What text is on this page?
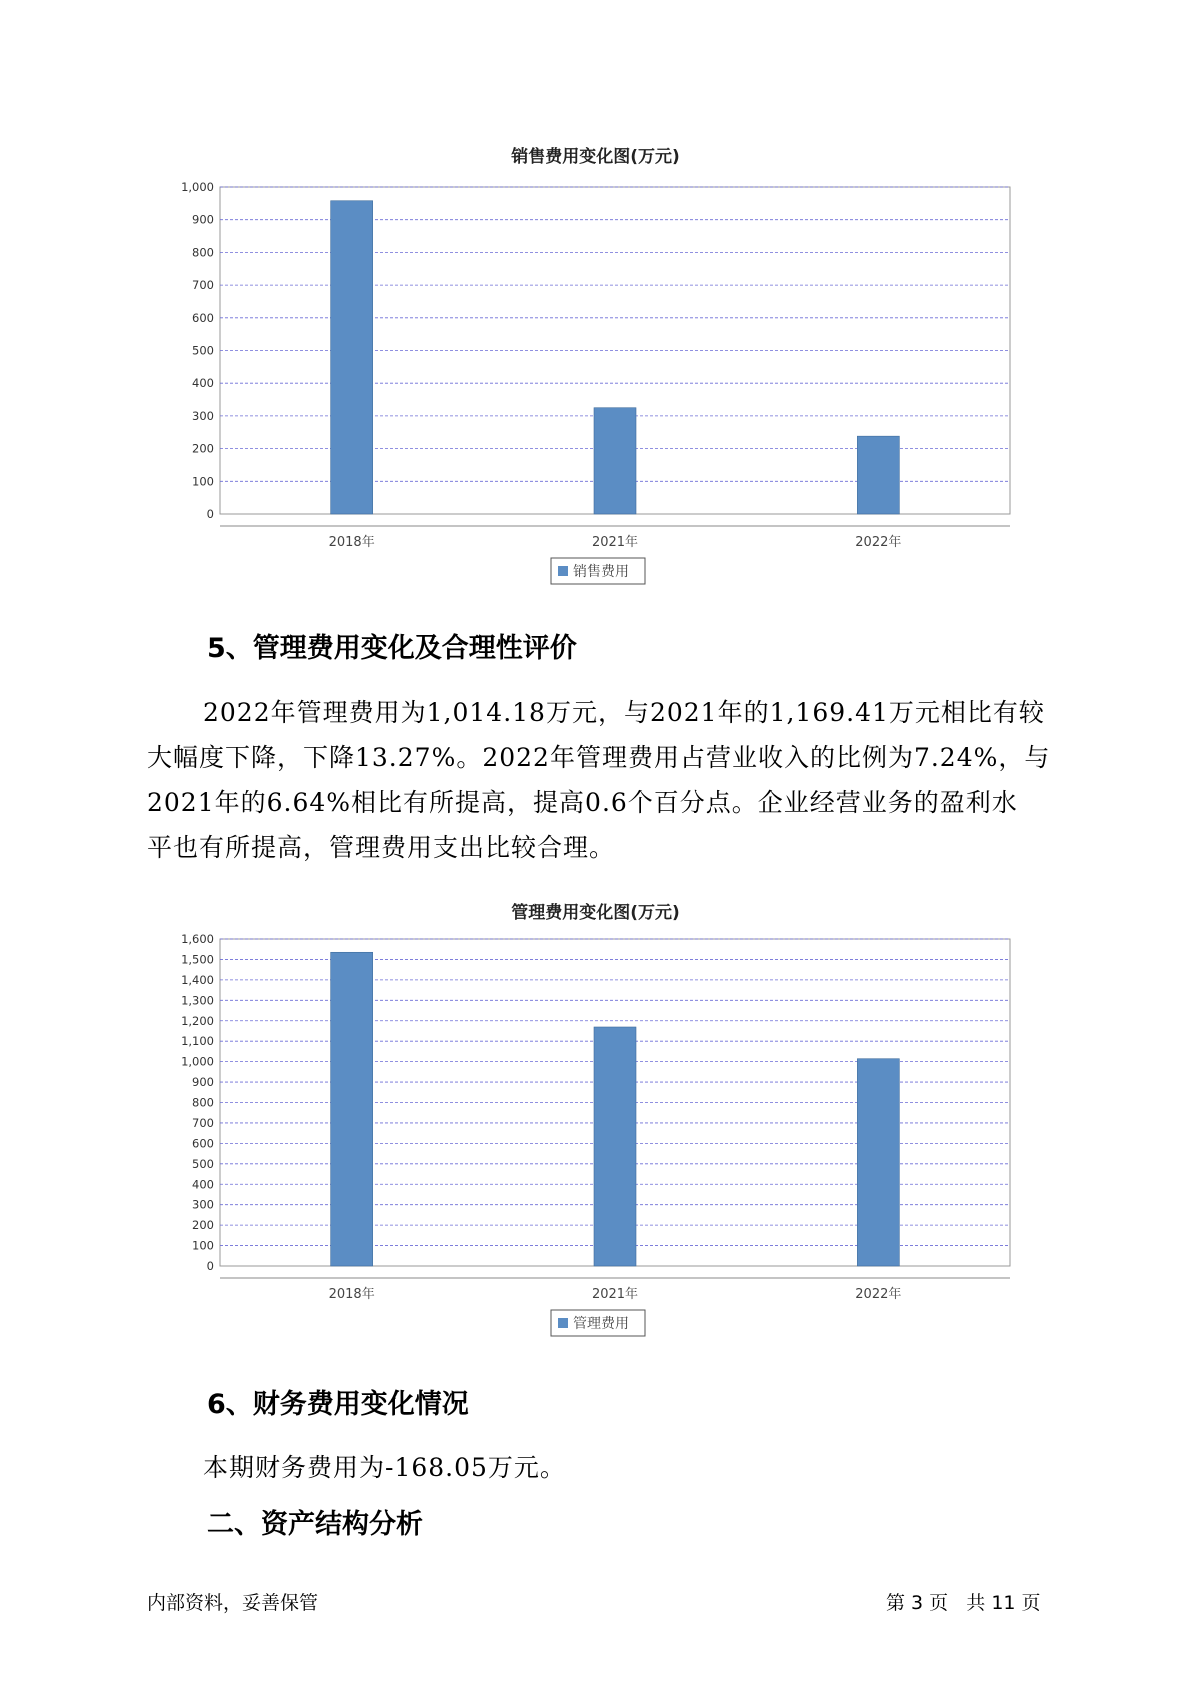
销售费用变化图(万元)
0
100
200
300
400
500
600
700
800
900
1,000
2018年	2021年	2022年
销售费用
5、管理费用变化及合理性评价
2022年管理费用为1,014.18万元，与2021年的1,169.41万元相比有较
大幅度下降，下降13.27%。2022年管理费用占营业收入的比例为7.24%，与
2021年的6.64%相比有所提高，提高0.6个百分点。企业经营业务的盈利水
平也有所提高，管理费用支出比较合理。
管理费用变化图(万元)
0
100
200
300
400
500
600
700
800
900
1,000
1,100
1,200
1,300
1,400
1,500
1,600
2018年	2021年	2022年
管理费用
6、财务费用变化情况
本期财务费用为-168.05万元。
二、资产结构分析
内部资料，妥善保管	第 3 页   共 11 页
